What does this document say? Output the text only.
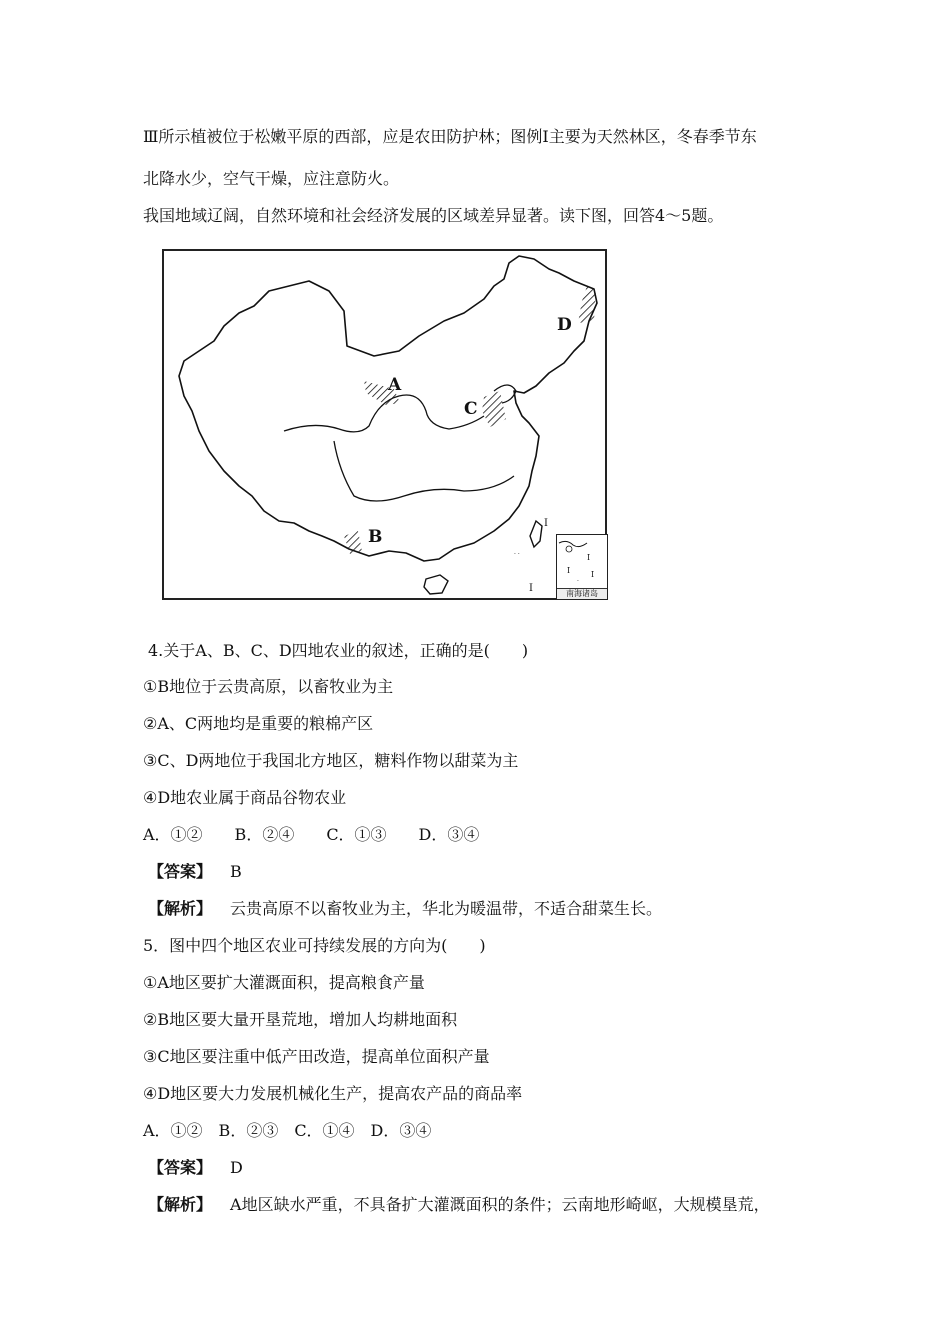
Ⅲ所示植被位于松嫩平原的西部，应是农田防护林；图例Ⅰ主要为天然林区，冬春季节东
北降水少，空气干燥，应注意防火。
我国地域辽阔，自然环境和社会经济发展的区域差异显著。读下图，回答4～5题。
I
I
· ·
A
B
C
D
I
I	I
·
南海诸岛
4.关于A、B、C、D四地农业的叙述，正确的是(　　)
①B地位于云贵高原，以畜牧业为主
②A、C两地均是重要的粮棉产区
③C、D两地位于我国北方地区，糖料作物以甜菜为主
④D地农业属于商品谷物农业
A．①②　　B．②④　　C．①③　　D．③④
【答案】 B
【解析】 云贵高原不以畜牧业为主，华北为暖温带，不适合甜菜生长。
5．图中四个地区农业可持续发展的方向为(　　)
①A地区要扩大灌溉面积，提高粮食产量
②B地区要大量开垦荒地，增加人均耕地面积
③C地区要注重中低产田改造，提高单位面积产量
④D地区要大力发展机械化生产，提高农产品的商品率
A．①②　B．②③　C．①④　D．③④
【答案】 D
【解析】 A地区缺水严重，不具备扩大灌溉面积的条件；云南地形崎岖，大规模垦荒，
